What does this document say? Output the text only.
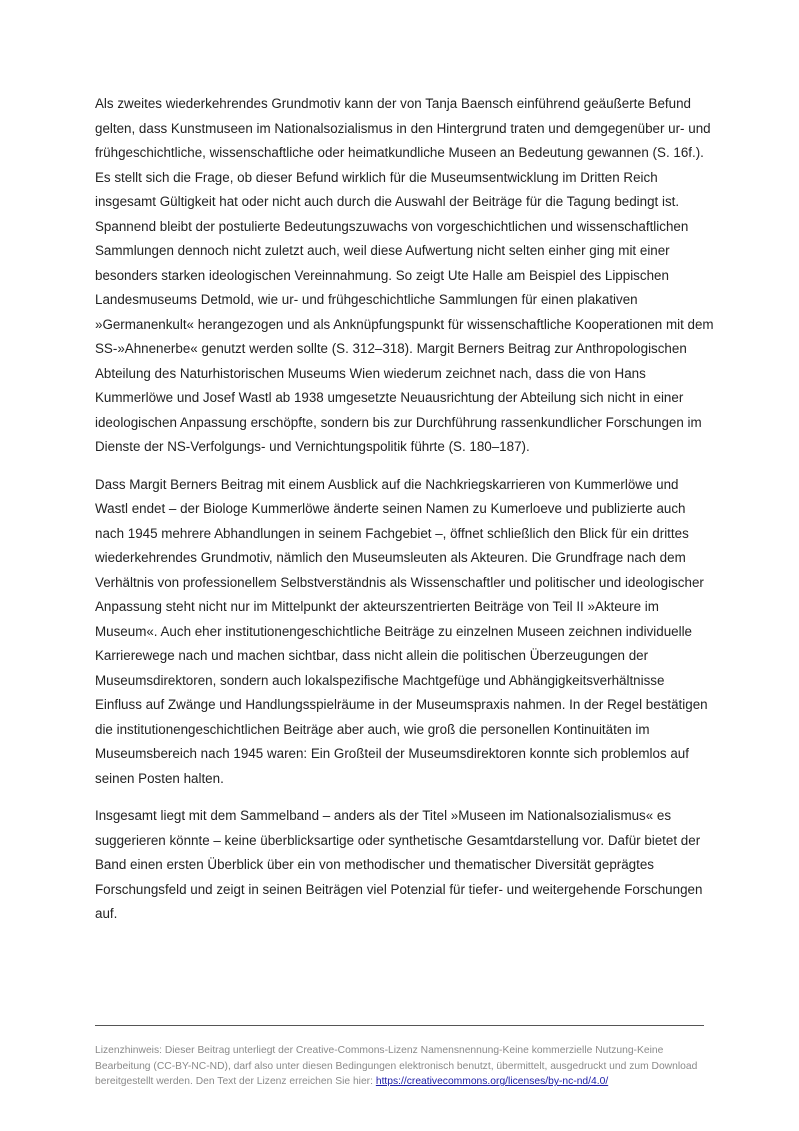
Als zweites wiederkehrendes Grundmotiv kann der von Tanja Baensch einführend geäußerte Befund gelten, dass Kunstmuseen im Nationalsozialismus in den Hintergrund traten und demgegenüber ur- und frühgeschichtliche, wissenschaftliche oder heimatkundliche Museen an Bedeutung gewannen (S. 16f.). Es stellt sich die Frage, ob dieser Befund wirklich für die Museumsentwicklung im Dritten Reich insgesamt Gültigkeit hat oder nicht auch durch die Auswahl der Beiträge für die Tagung bedingt ist. Spannend bleibt der postulierte Bedeutungszuwachs von vorgeschichtlichen und wissenschaftlichen Sammlungen dennoch nicht zuletzt auch, weil diese Aufwertung nicht selten einher ging mit einer besonders starken ideologischen Vereinnahmung. So zeigt Ute Halle am Beispiel des Lippischen Landesmuseums Detmold, wie ur- und frühgeschichtliche Sammlungen für einen plakativen »Germanenkult« herangezogen und als Anknüpfungspunkt für wissenschaftliche Kooperationen mit dem SS-»Ahnenerbe« genutzt werden sollte (S. 312–318). Margit Berners Beitrag zur Anthropologischen Abteilung des Naturhistorischen Museums Wien wiederum zeichnet nach, dass die von Hans Kummerlöwe und Josef Wastl ab 1938 umgesetzte Neuausrichtung der Abteilung sich nicht in einer ideologischen Anpassung erschöpfte, sondern bis zur Durchführung rassenkundlicher Forschungen im Dienste der NS-Verfolgungs- und Vernichtungspolitik führte (S. 180–187).

Dass Margit Berners Beitrag mit einem Ausblick auf die Nachkriegskarrieren von Kummerlöwe und Wastl endet – der Biologe Kummerlöwe änderte seinen Namen zu Kumerloeve und publizierte auch nach 1945 mehrere Abhandlungen in seinem Fachgebiet –, öffnet schließlich den Blick für ein drittes wiederkehrendes Grundmotiv, nämlich den Museumsleuten als Akteuren. Die Grundfrage nach dem Verhältnis von professionellem Selbstverständnis als Wissenschaftler und politischer und ideologischer Anpassung steht nicht nur im Mittelpunkt der akteurszentrierten Beiträge von Teil II »Akteure im Museum«. Auch eher institutionengeschichtliche Beiträge zu einzelnen Museen zeichnen individuelle Karrierewege nach und machen sichtbar, dass nicht allein die politischen Überzeugungen der Museumsdirektoren, sondern auch lokalspezifische Machtgefüge und Abhängigkeitsverhältnisse Einfluss auf Zwänge und Handlungsspielräume in der Museumspraxis nahmen. In der Regel bestätigen die institutionengeschichtlichen Beiträge aber auch, wie groß die personellen Kontinuitäten im Museumsbereich nach 1945 waren: Ein Großteil der Museumsdirektoren konnte sich problemlos auf seinen Posten halten.

Insgesamt liegt mit dem Sammelband – anders als der Titel »Museen im Nationalsozialismus« es suggerieren könnte – keine überblicksartige oder synthetische Gesamtdarstellung vor. Dafür bietet der Band einen ersten Überblick über ein von methodischer und thematischer Diversität geprägtes Forschungsfeld und zeigt in seinen Beiträgen viel Potenzial für tiefer- und weitergehende Forschungen auf.

Lizenzhinweis: Dieser Beitrag unterliegt der Creative-Commons-Lizenz Namensnennung-Keine kommerzielle Nutzung-Keine Bearbeitung (CC-BY-NC-ND), darf also unter diesen Bedingungen elektronisch benutzt, übermittelt, ausgedruckt und zum Download bereitgestellt werden. Den Text der Lizenz erreichen Sie hier: https://creativecommons.org/licenses/by-nc-nd/4.0/
